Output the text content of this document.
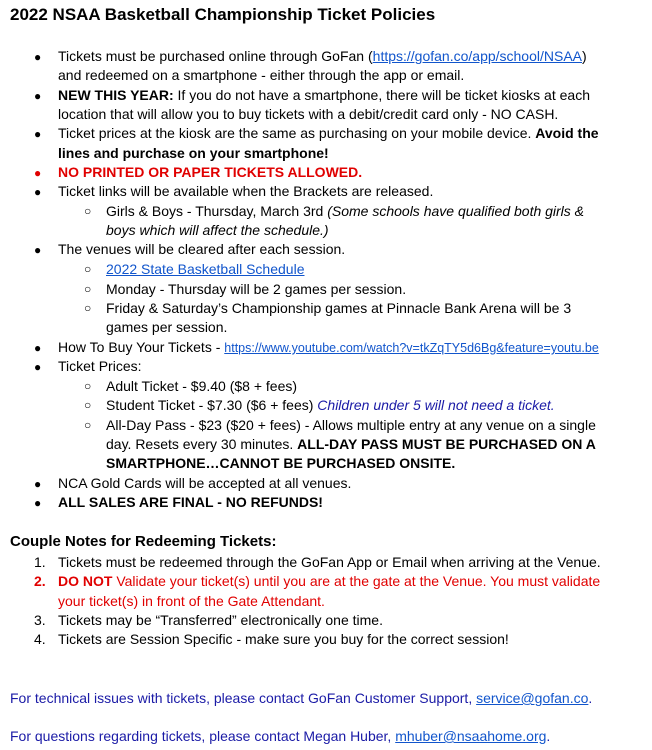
2022 NSAA Basketball Championship Ticket Policies
● Tickets must be purchased online through GoFan (https://gofan.co/app/school/NSAA)
and redeemed on a smartphone - either through the app or email.
● NEW THIS YEAR: If you do not have a smartphone, there will be ticket kiosks at each
location that will allow you to buy tickets with a debit/credit card only - NO CASH.
● Ticket prices at the kiosk are the same as purchasing on your mobile device. Avoid the
lines and purchase on your smartphone!
● NO PRINTED OR PAPER TICKETS ALLOWED.
● Ticket links will be available when the Brackets are released.
○ Girls & Boys - Thursday, March 3rd (Some schools have qualified both girls &
boys which will affect the schedule.)
● The venues will be cleared after each session.
○ 2022 State Basketball Schedule
○ Monday - Thursday will be 2 games per session.
○ Friday & Saturday’s Championship games at Pinnacle Bank Arena will be 3
games per session.
● How To Buy Your Tickets - https://www.youtube.com/watch?v=tkZqTY5d6Bg&feature=youtu.be
● Ticket Prices:
○ Adult Ticket - $9.40 ($8 + fees)
○ Student Ticket - $7.30 ($6 + fees) Children under 5 will not need a ticket.
○ All-Day Pass - $23 ($20 + fees) - Allows multiple entry at any venue on a single
day. Resets every 30 minutes. ALL-DAY PASS MUST BE PURCHASED ON A
SMARTPHONE…CANNOT BE PURCHASED ONSITE.
● NCA Gold Cards will be accepted at all venues.
● ALL SALES ARE FINAL - NO REFUNDS!
Couple Notes for Redeeming Tickets:
1. Tickets must be redeemed through the GoFan App or Email when arriving at the Venue.
2. DO NOT Validate your ticket(s) until you are at the gate at the Venue. You must validate
your ticket(s) in front of the Gate Attendant.
3. Tickets may be “Transferred” electronically one time.
4. Tickets are Session Specific - make sure you buy for the correct session!
For technical issues with tickets, please contact GoFan Customer Support, service@gofan.co.
For questions regarding tickets, please contact Megan Huber, mhuber@nsaahome.org.
